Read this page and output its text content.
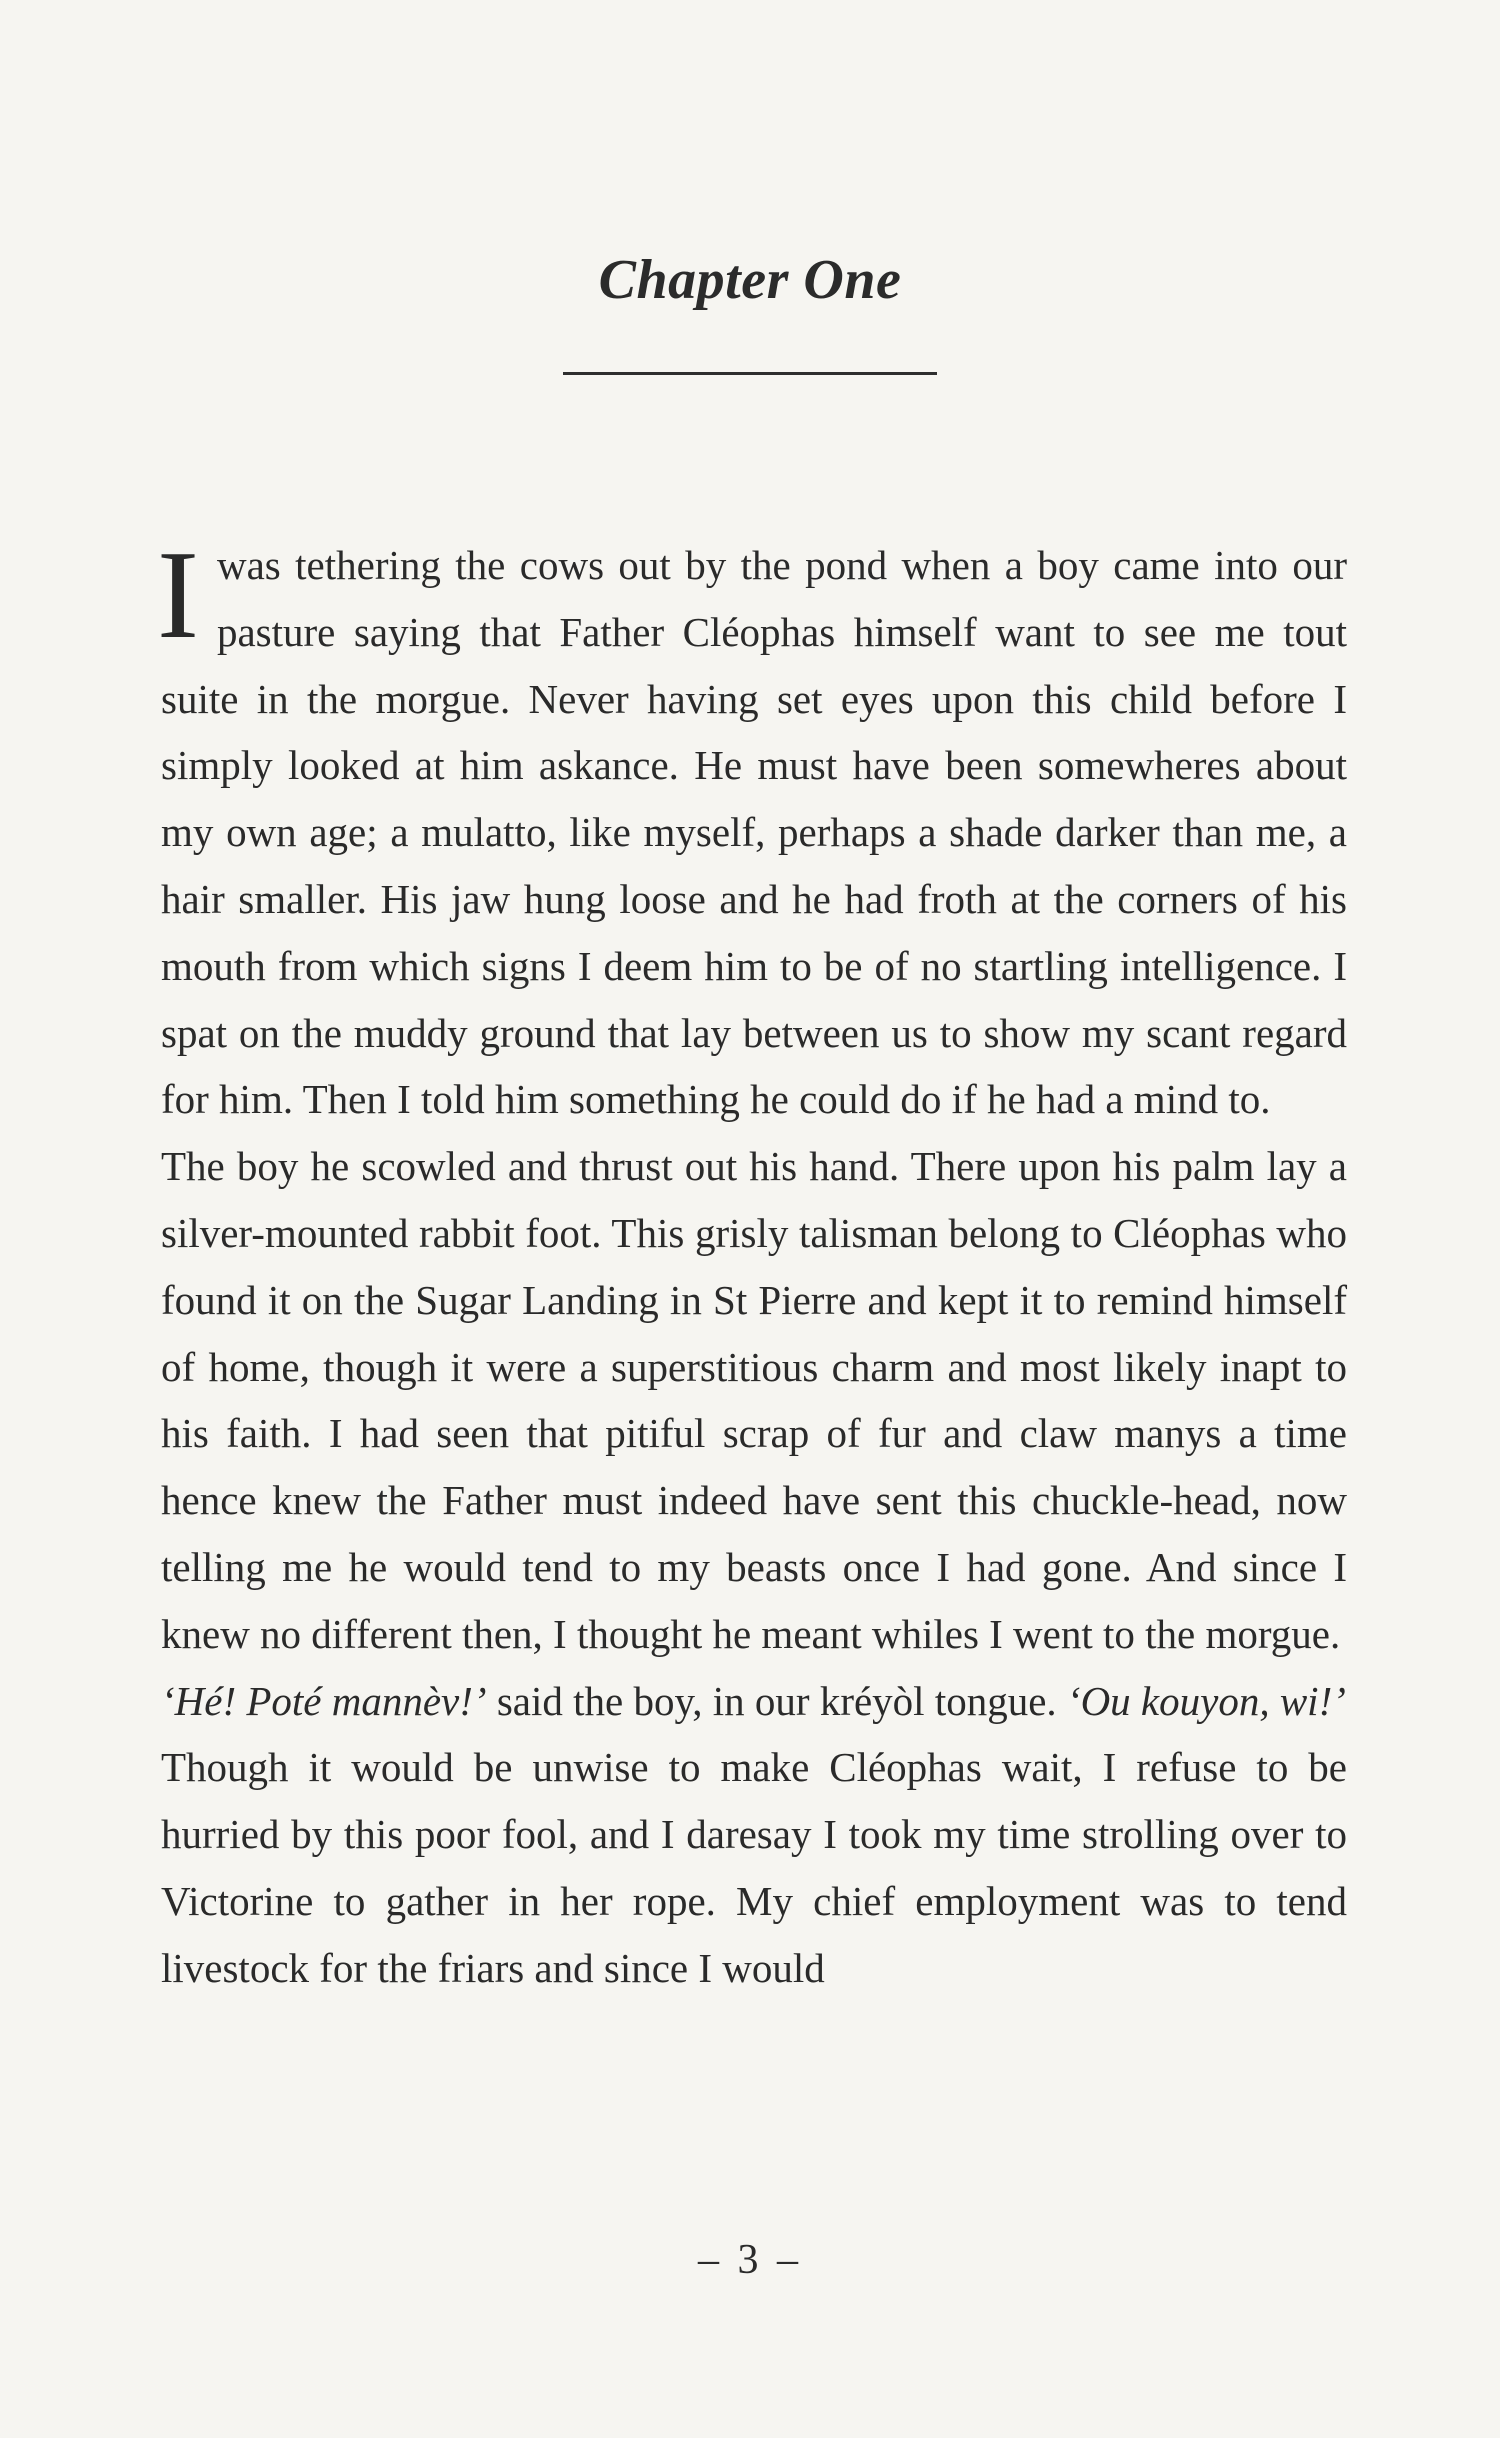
Chapter One

I was tethering the cows out by the pond when a boy came into our pasture saying that Father Cléophas himself want to see me tout suite in the morgue. Never having set eyes upon this child before I simply looked at him askance. He must have been somewheres about my own age; a mulatto, like myself, perhaps a shade darker than me, a hair smaller. His jaw hung loose and he had froth at the corners of his mouth from which signs I deem him to be of no startling intelligence. I spat on the muddy ground that lay between us to show my scant regard for him. Then I told him something he could do if he had a mind to.

The boy he scowled and thrust out his hand. There upon his palm lay a silver-mounted rabbit foot. This grisly talisman belong to Cléophas who found it on the Sugar Landing in St Pierre and kept it to remind himself of home, though it were a superstitious charm and most likely inapt to his faith. I had seen that pitiful scrap of fur and claw manys a time hence knew the Father must indeed have sent this chuckle-head, now telling me he would tend to my beasts once I had gone. And since I knew no different then, I thought he meant whiles I went to the morgue.

‘Hé! Poté mannèv!’ said the boy, in our kréyòl tongue. ‘Ou kouyon, wi!’

Though it would be unwise to make Cléophas wait, I refuse to be hurried by this poor fool, and I daresay I took my time strolling over to Victorine to gather in her rope. My chief employment was to tend livestock for the friars and since I would

– 3 –
